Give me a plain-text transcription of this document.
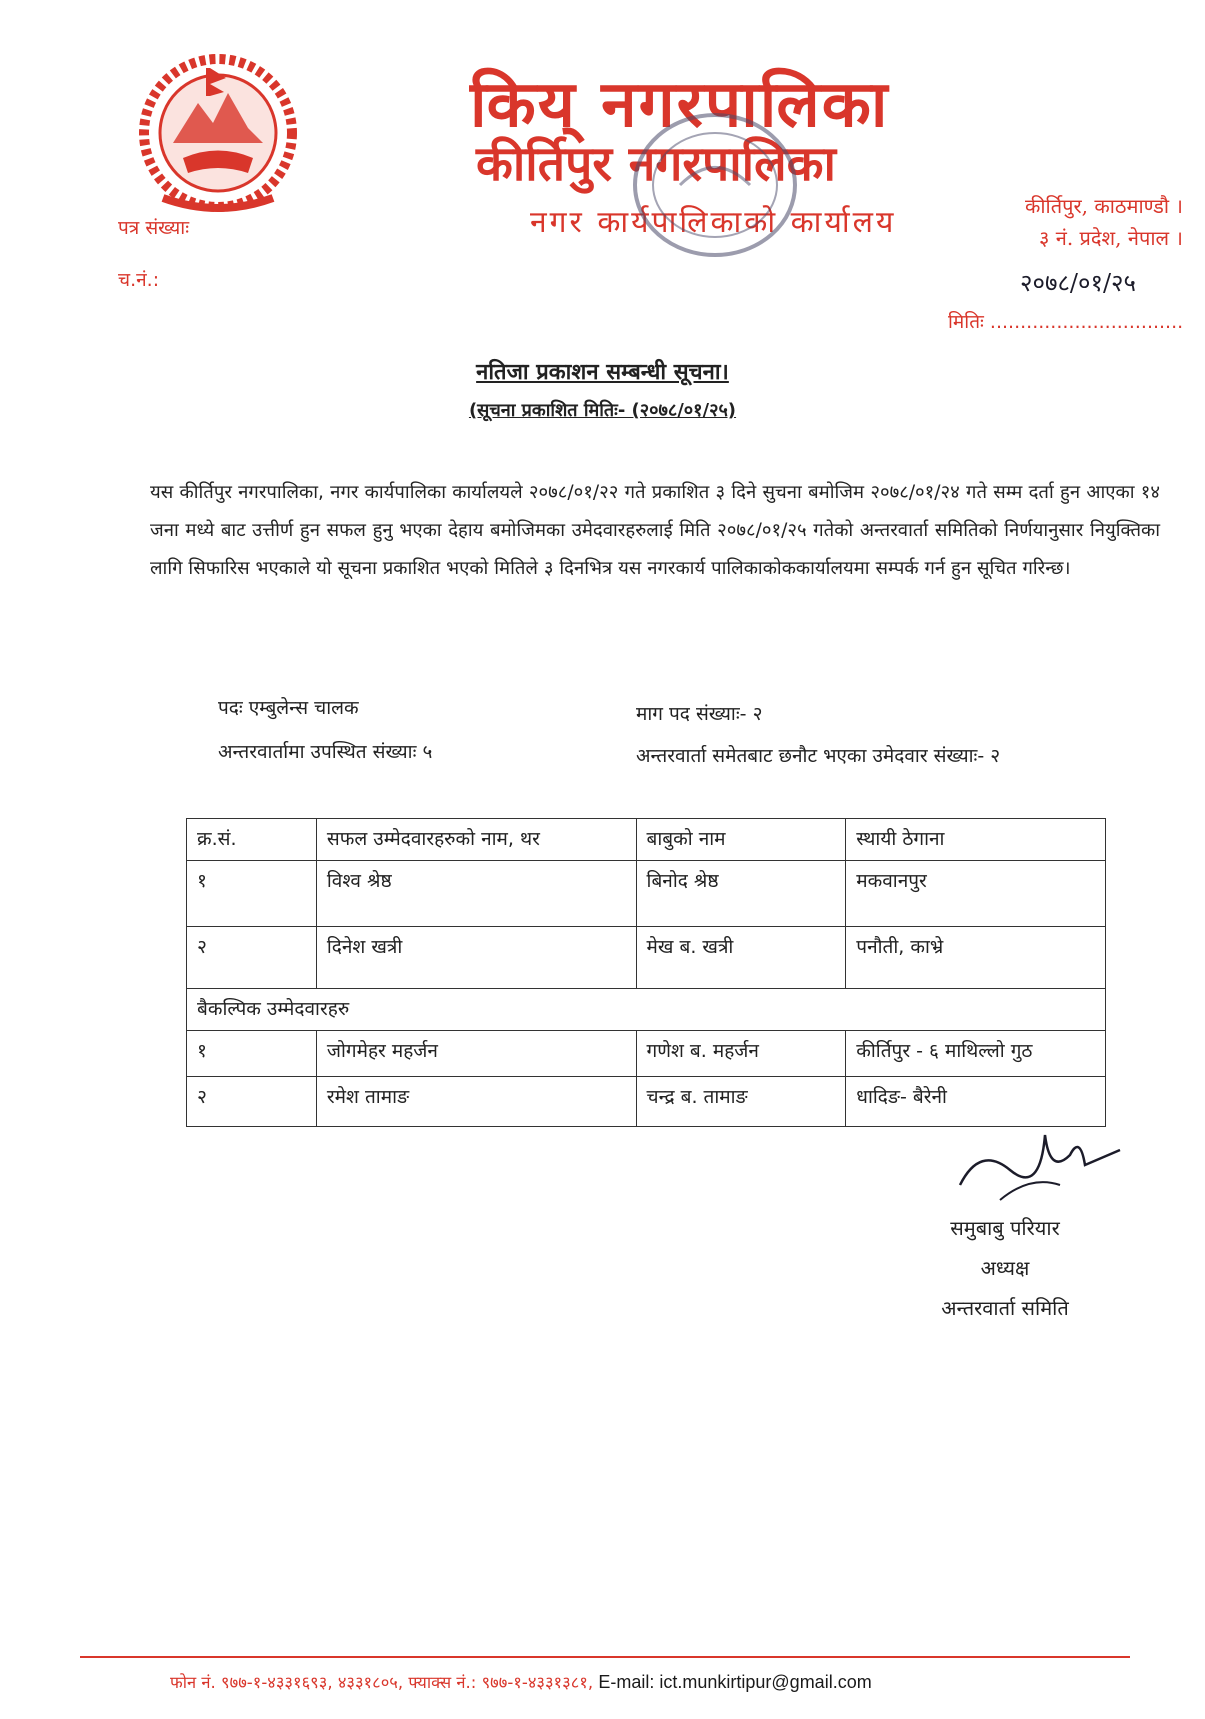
किय् नगरपालिका
कीर्तिपुर नगरपालिका
नगर कार्यपालिकाको कार्यालय	कीर्तिपुर, काठमाण्डौ ।
३ नं. प्रदेश, नेपाल ।
पत्र संख्याः
च.नं.:	२०७८/०१/२५
मितिः ................................
नतिजा प्रकाशन सम्बन्धी सूचना।
(सूचना प्रकाशित मितिः- (२०७८/०१/२५)
यस कीर्तिपुर नगरपालिका, नगर कार्यपालिका कार्यालयले २०७८/०१/२२ गते प्रकाशित ३ दिने सुचना बमोजिम २०७८/०१/२४ गते सम्म दर्ता हुन आएका १४ जना मध्ये बाट उत्तीर्ण हुन सफल हुनु भएका देहाय बमोजिमका उमेदवारहरुलाई मिति २०७८/०१/२५ गतेको अन्तरवार्ता समितिको निर्णयानुसार नियुक्तिका लागि सिफारिस भएकाले यो सूचना प्रकाशित भएको मितिले ३ दिनभित्र यस नगरकार्य पालिकाकोककार्यालयमा सम्पर्क गर्न हुन सूचित गरिन्छ।
पदः एम्बुलेन्स चालक	माग पद संख्याः- २
अन्तरवार्तामा उपस्थित संख्याः ५	अन्तरवार्ता समेतबाट छनौट भएका उमेदवार संख्याः- २
क्र.सं.	सफल उम्मेदवारहरुको नाम, थर	बाबुको नाम	स्थायी ठेगाना
१	विश्व श्रेष्ठ	बिनोद श्रेष्ठ	मकवानपुर
२	दिनेश खत्री	मेख ब. खत्री	पनौती, काभ्रे
बैकल्पिक उम्मेदवारहरु			
१	जोगमेहर महर्जन	गणेश ब. महर्जन	कीर्तिपुर - ६ माथिल्लो गुठ
२	रमेश तामाङ	चन्द्र ब. तामाङ	धादिङ- बैरेनी
समुबाबु परियार
अध्यक्ष
अन्तरवार्ता समिति
फोन नं. ९७७-१-४३३१६९३, ४३३१८०५, फ्याक्स नं.: ९७७-१-४३३१३८१, E-mail: ict.munkirtipur@gmail.com
